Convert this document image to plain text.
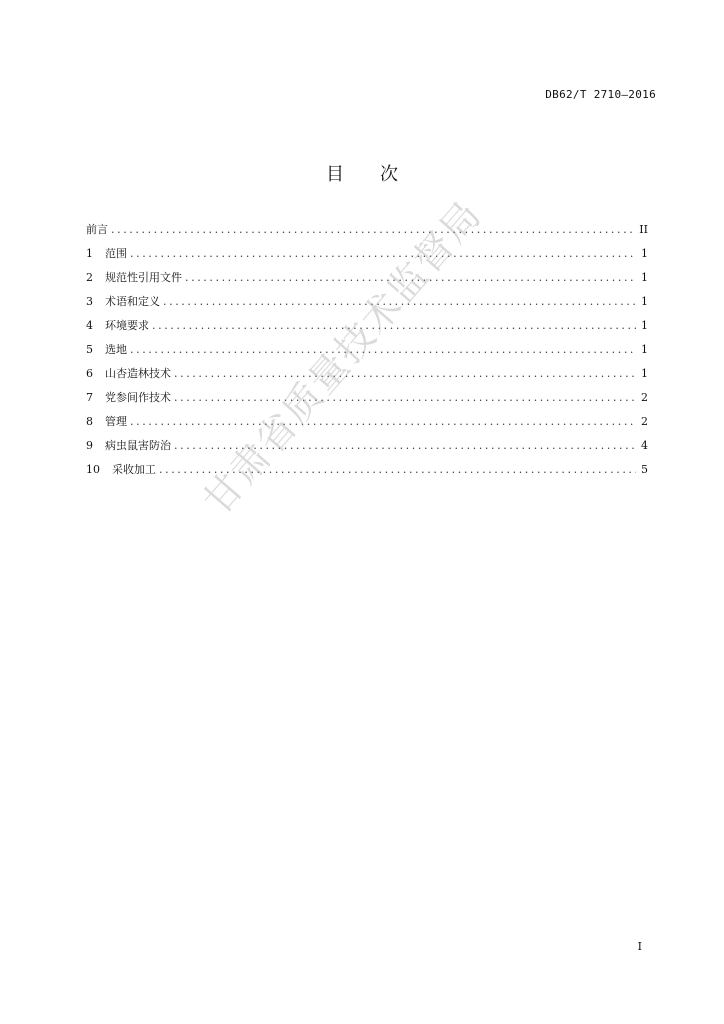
DB62/T 2710—2016
目 次
前言 .....	II
1	范围 .....	1
2	规范性引用文件 .....	1
3	术语和定义 .....	1
4	环境要求 .....	1
5	选地 .....	1
6	山杏造林技术 .....	1
7	党参间作技术 .....	2
8	管理 .....	2
9	病虫鼠害防治 .....	4
10	采收加工 .....	5
甘肃省质量技术监督局
I
